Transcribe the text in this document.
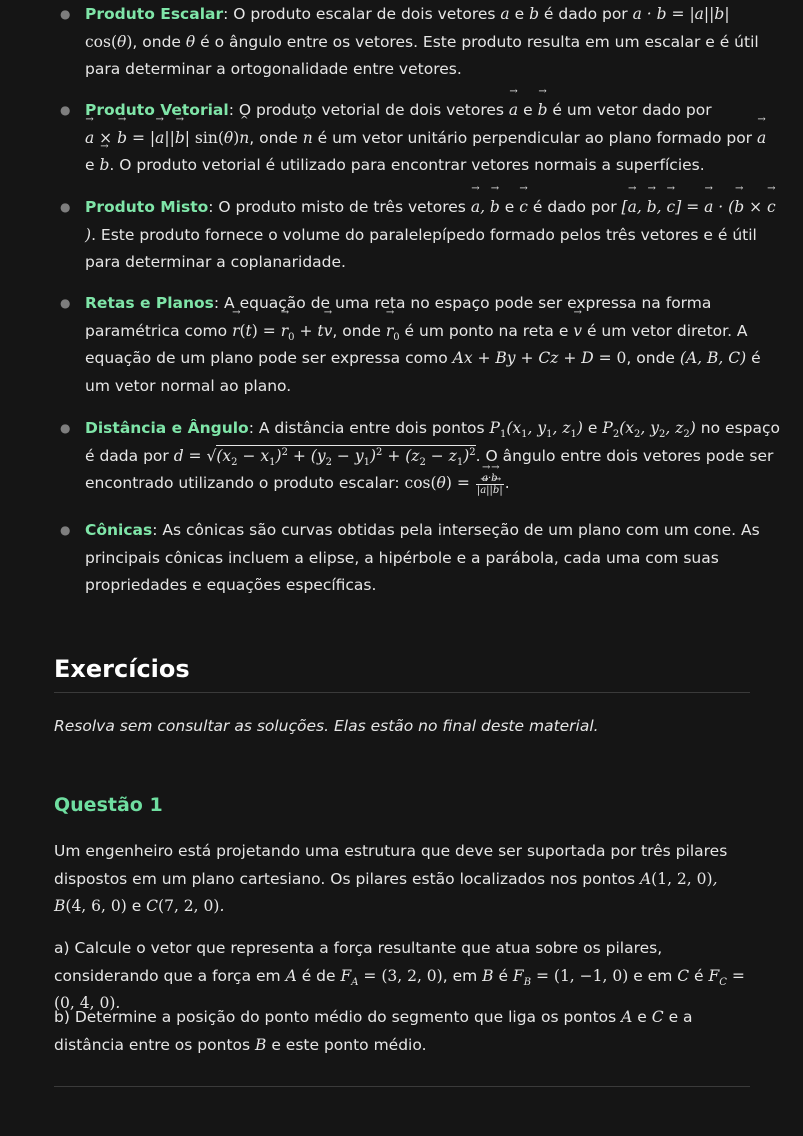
● Produto Escalar: O produto escalar de dois vetores → a e → b é dado por → a · → b = |→ a||→ b| cos(θ), onde θ é o ângulo entre os vetores. Este produto resulta em um escalar e é útil para determinar a ortogonalidade entre vetores.
● Produto Vetorial: O produto vetorial de dois vetores → a e → b é um vetor dado por
→ a × → b = |→ a||→ b| sin(θ)^ n, onde ^ n é um vetor unitário perpendicular ao plano formado por → a
e → b. O produto vetorial é utilizado para encontrar vetores normais a superfícies.
● Produto Misto: O produto misto de três vetores → a, → b e → c é dado por [→ a, → b, → c] = → a · (→ b × → c). Este produto fornece o volume do paralelepípedo formado pelos três vetores e é útil para determinar a coplanaridade.
● Retas e Planos: A equação de uma reta no espaço pode ser expressa na forma paramétrica como → r(t) = → $r_0 + t\to v$, onde → $r_0$ é um ponto na reta e → v é um vetor diretor. A equação de um plano pode ser expressa como Ax + By + Cz + D = 0, onde (A, B, C) é um vetor normal ao plano.
● Distância e Ângulo: A distância entre dois pontos $P_1(x_1$, $y_1$, $z_1$) e $P_2(x_2$, $y_2$, $z_2$) no espaço é dada por $d = √(x_2 - x_1)^2 + (y_2 - y_1)^2 + (z_2 - z_1)^2$. O ângulo entre dois vetores pode ser encontrado utilizando o produto escalar: cos(θ) = → $\frac{a\cdot\to b}{|\to a||\to b|}$ .
● Cônicas: As cônicas são curvas obtidas pela interseção de um plano com um cone. As principais cônicas incluem a elipse, a hipérbole e a parábola, cada uma com suas propriedades e equações específicas.
Exercícios
Resolva sem consultar as soluções. Elas estão no final deste material.
Questão 1
Um engenheiro está projetando uma estrutura que deve ser suportada por três pilares dispostos em um plano cartesiano. Os pilares estão localizados nos pontos A(1, 2, 0),
B(4, 6, 0) e C(7, 2, 0).
a) Calcule o vetor que representa a força resultante que atua sobre os pilares, considerando que a força em A é de $F_A = (3$, 2, 0), em B é $F_B = (1$, −1, 0) e em C é $F_C = (0$, 4, 0).
b) Determine a posição do ponto médio do segmento que liga os pontos A e C e a distância entre os pontos B e este ponto médio.
